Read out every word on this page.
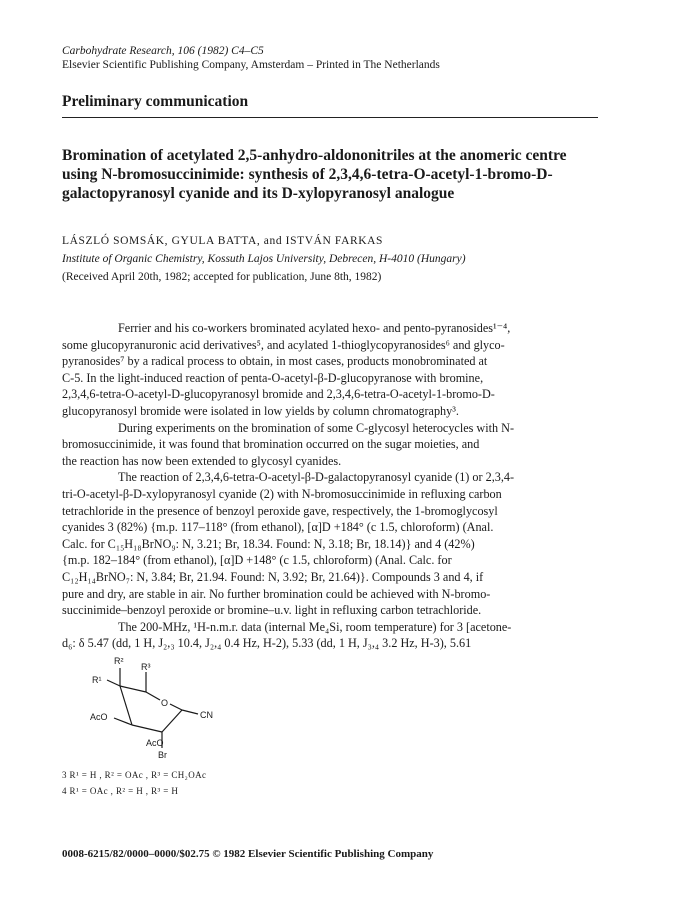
Carbohydrate Research, 106 (1982) C4–C5
Elsevier Scientific Publishing Company, Amsterdam – Printed in The Netherlands
Preliminary communication

Bromination of acetylated 2,5-anhydro-aldononitriles at the anomeric centre

using N-bromosuccinimide: synthesis of 2,3,4,6-tetra-O-acetyl-1-bromo-D-

galactopyranosyl cyanide and its D-xylopyranosyl analogue

LÁSZLÓ SOMSÁK, GYULA BATTA, and ISTVÁN FARKAS
Institute of Organic Chemistry, Kossuth Lajos University, Debrecen, H-4010 (Hungary)
(Received April 20th, 1982; accepted for publication, June 8th, 1982)

Ferrier and his co-workers brominated acylated hexo- and pento-pyranosides¹⁻⁴,

some glucopyranuronic acid derivatives⁵, and acylated 1-thioglycopyranosides⁶ and glyco-

pyranosides⁷ by a radical process to obtain, in most cases, products monobrominated at

C-5. In the light-induced reaction of penta-O-acetyl-β-D-glucopyranose with bromine,

2,3,4,6-tetra-O-acetyl-D-glucopyranosyl bromide and 2,3,4,6-tetra-O-acetyl-1-bromo-D-

glucopyranosyl bromide were isolated in low yields by column chromatography³.

During experiments on the bromination of some C-glycosyl heterocycles with N-

bromosuccinimide, it was found that bromination occurred on the sugar moieties, and

the reaction has now been extended to glycosyl cyanides.

The reaction of 2,3,4,6-tetra-O-acetyl-β-D-galactopyranosyl cyanide (1) or 2,3,4-

tri-O-acetyl-β-D-xylopyranosyl cyanide (2) with N-bromosuccinimide in refluxing carbon

tetrachloride in the presence of benzoyl peroxide gave, respectively, the 1-bromoglycosyl

cyanides 3 (82%) {m.p. 117–118° (from ethanol), [α]D +184° (c 1.5, chloroform) (Anal.

Calc. for C₁₅H₁₈BrNO₉: N, 3.21; Br, 18.34. Found: N, 3.18; Br, 18.14)} and 4 (42%)

{m.p. 182–184° (from ethanol), [α]D +148° (c 1.5, chloroform) (Anal. Calc. for

C₁₂H₁₄BrNO₇: N, 3.84; Br, 21.94. Found: N, 3.92; Br, 21.64)}. Compounds 3 and 4, if

pure and dry, are stable in air. No further bromination could be achieved with N-bromo-

succinimide–benzoyl peroxide or bromine–u.v. light in refluxing carbon tetrachloride.

The 200-MHz, ¹H-n.m.r. data (internal Me₄Si, room temperature) for 3 [acetone-

d₆: δ 5.47 (dd, 1 H, J₂,₃ 10.4, J₂,₄ 0.4 Hz, H-2), 5.33 (dd, 1 H, J₃,₄ 3.2 Hz, H-3), 5.61

R²
R³
R¹
O
AcO	CN
AcO
Br

3 R¹ = H , R² = OAc , R³ = CH₂OAc

4 R¹ = OAc , R² = H , R³ = H

0008-6215/82/0000–0000/$02.75 © 1982 Elsevier Scientific Publishing Company
